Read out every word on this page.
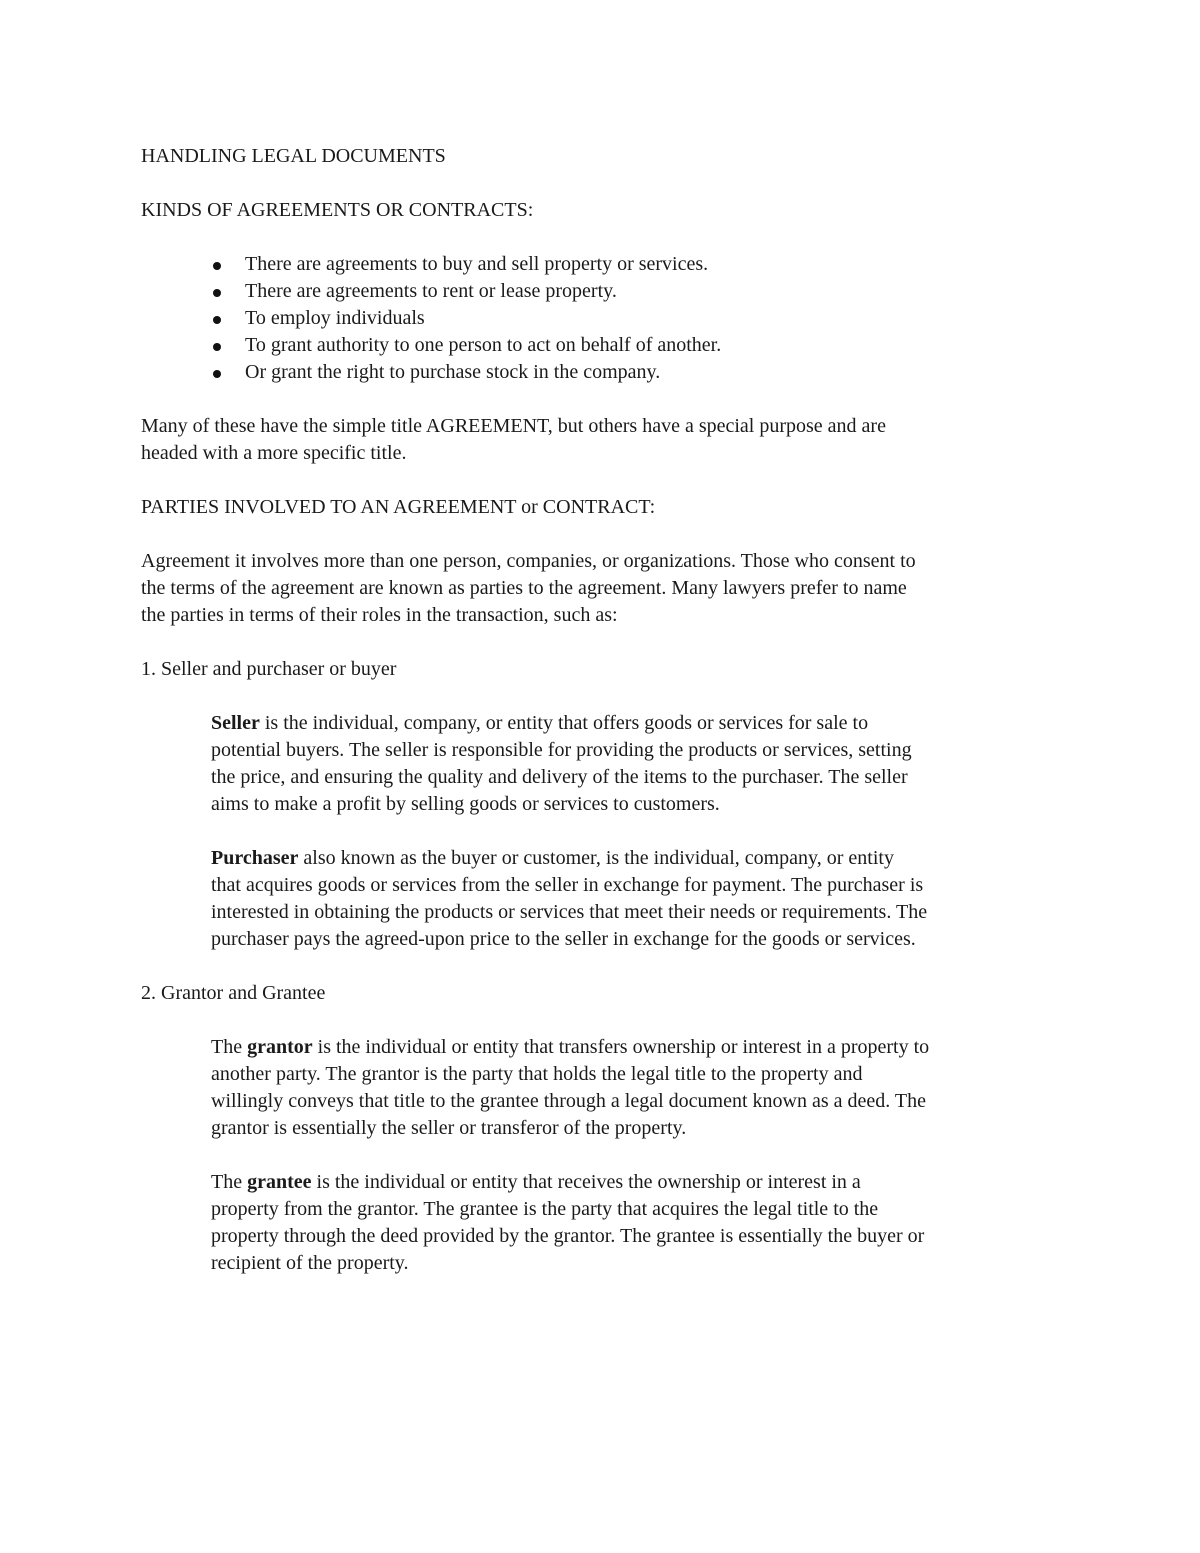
HANDLING LEGAL DOCUMENTS
KINDS OF AGREEMENTS OR CONTRACTS:
There are agreements to buy and sell property or services.
There are agreements to rent or lease property.
To employ individuals
To grant authority to one person to act on behalf of another.
Or grant the right to purchase stock in the company.
Many of these have the simple title AGREEMENT, but others have a special purpose and are
headed with a more specific title.
PARTIES INVOLVED TO AN AGREEMENT or CONTRACT:
Agreement it involves more than one person, companies, or organizations. Those who consent to
the terms of the agreement are known as parties to the agreement. Many lawyers prefer to name
the parties in terms of their roles in the transaction, such as:
1. Seller and purchaser or buyer
Seller is the individual, company, or entity that offers goods or services for sale to
potential buyers. The seller is responsible for providing the products or services, setting
the price, and ensuring the quality and delivery of the items to the purchaser. The seller
aims to make a profit by selling goods or services to customers.
Purchaser also known as the buyer or customer, is the individual, company, or entity
that acquires goods or services from the seller in exchange for payment. The purchaser is
interested in obtaining the products or services that meet their needs or requirements. The
purchaser pays the agreed-upon price to the seller in exchange for the goods or services.
2. Grantor and Grantee
The grantor is the individual or entity that transfers ownership or interest in a property to
another party. The grantor is the party that holds the legal title to the property and
willingly conveys that title to the grantee through a legal document known as a deed. The
grantor is essentially the seller or transferor of the property.
The grantee is the individual or entity that receives the ownership or interest in a
property from the grantor. The grantee is the party that acquires the legal title to the
property through the deed provided by the grantor. The grantee is essentially the buyer or
recipient of the property.
